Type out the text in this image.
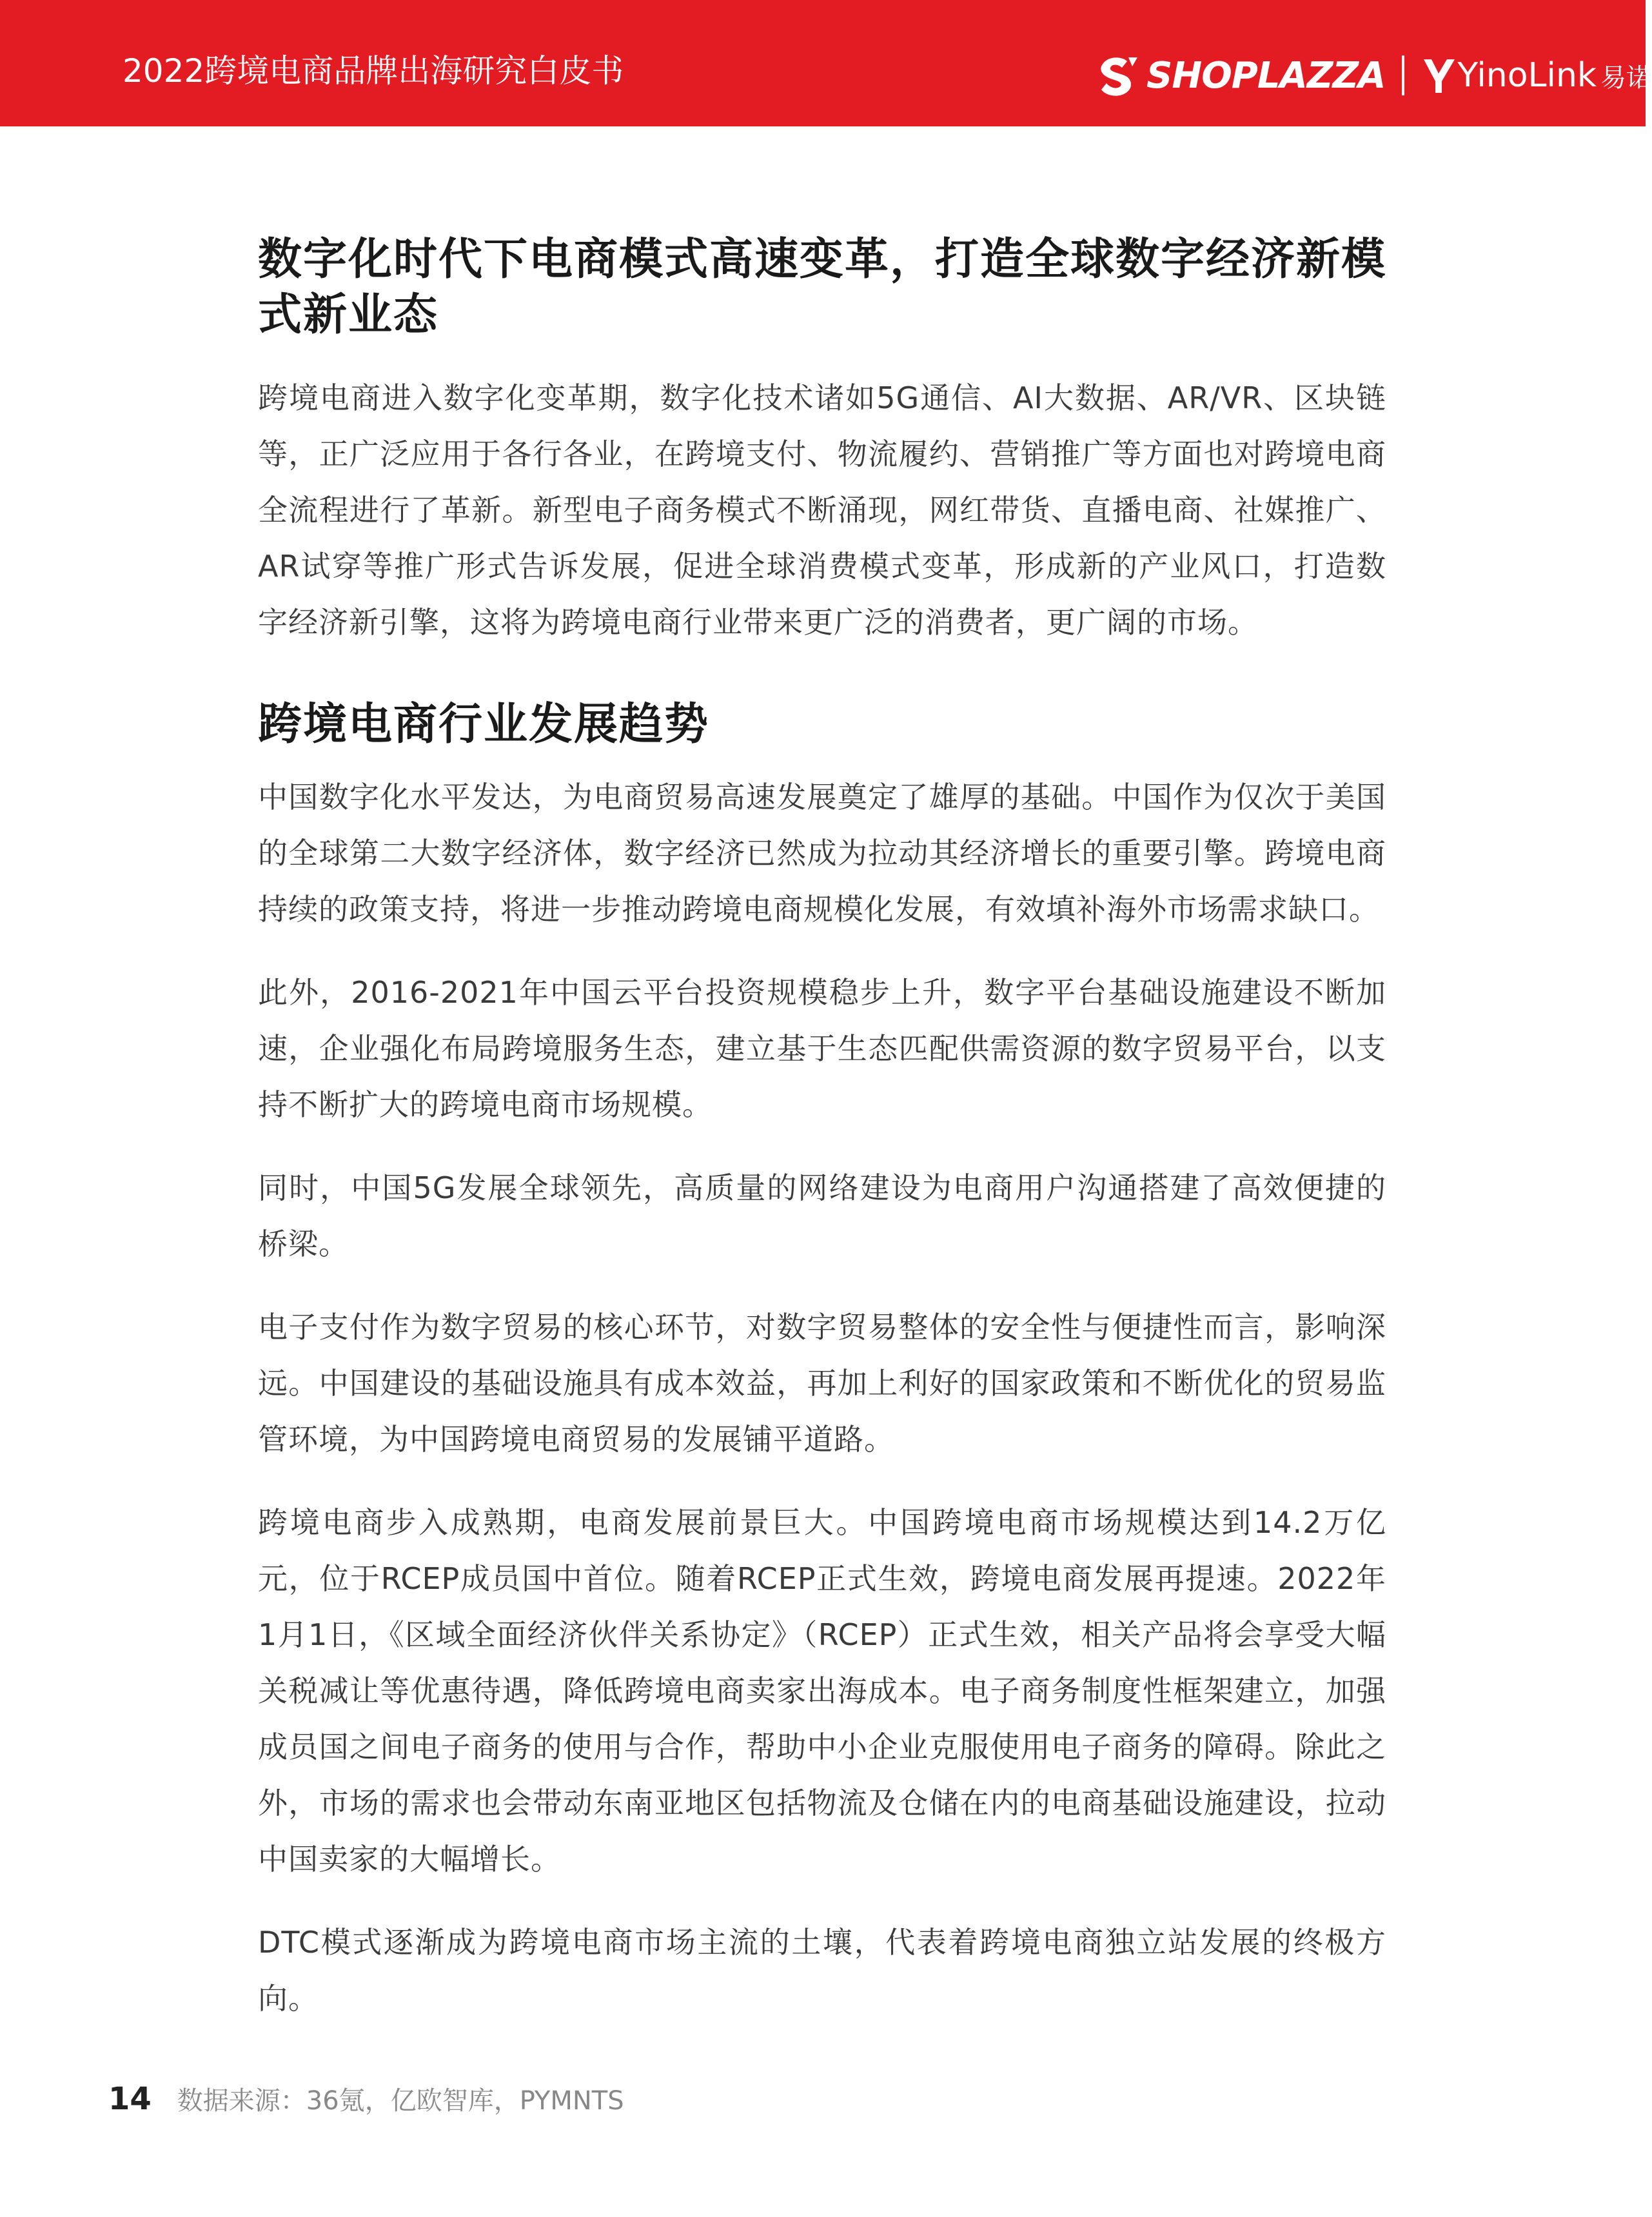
2022跨境电商品牌出海研究白皮书	SHOPLAZZA YinoLink 易诺
数字化时代下电商模式高速变革，打造全球数字经济新模式新业态

跨境电商进入数字化变革期，数字化技术诸如5G通信、AI大数据、AR/VR、区块链等，正广泛应用于各行各业，在跨境支付、物流履约、营销推广等方面也对跨境电商全流程进行了革新。新型电子商务模式不断涌现，网红带货、直播电商、社媒推广、AR试穿等推广形式告诉发展，促进全球消费模式变革，形成新的产业风口，打造数字经济新引擎，这将为跨境电商行业带来更广泛的消费者，更广阔的市场。

跨境电商行业发展趋势

中国数字化水平发达，为电商贸易高速发展奠定了雄厚的基础。中国作为仅次于美国的全球第二大数字经济体，数字经济已然成为拉动其经济增长的重要引擎。跨境电商持续的政策支持，将进一步推动跨境电商规模化发展，有效填补海外市场需求缺口。

此外，2016-2021年中国云平台投资规模稳步上升，数字平台基础设施建设不断加速，企业强化布局跨境服务生态，建立基于生态匹配供需资源的数字贸易平台，以支持不断扩大的跨境电商市场规模。

同时，中国5G发展全球领先，高质量的网络建设为电商用户沟通搭建了高效便捷的桥梁。

电子支付作为数字贸易的核心环节，对数字贸易整体的安全性与便捷性而言，影响深远。中国建设的基础设施具有成本效益，再加上利好的国家政策和不断优化的贸易监管环境，为中国跨境电商贸易的发展铺平道路。

跨境电商步入成熟期，电商发展前景巨大。中国跨境电商市场规模达到14.2万亿元，位于RCEP成员国中首位。随着RCEP正式生效，跨境电商发展再提速。2022年1月1日，《区域全面经济伙伴关系协定》（RCEP）正式生效，相关产品将会享受大幅关税减让等优惠待遇，降低跨境电商卖家出海成本。电子商务制度性框架建立，加强成员国之间电子商务的使用与合作，帮助中小企业克服使用电子商务的障碍。除此之外，市场的需求也会带动东南亚地区包括物流及仓储在内的电商基础设施建设，拉动中国卖家的大幅增长。

DTC模式逐渐成为跨境电商市场主流的土壤，代表着跨境电商独立站发展的终极方向。

14 数据来源：36氪，亿欧智库，PYMNTS
